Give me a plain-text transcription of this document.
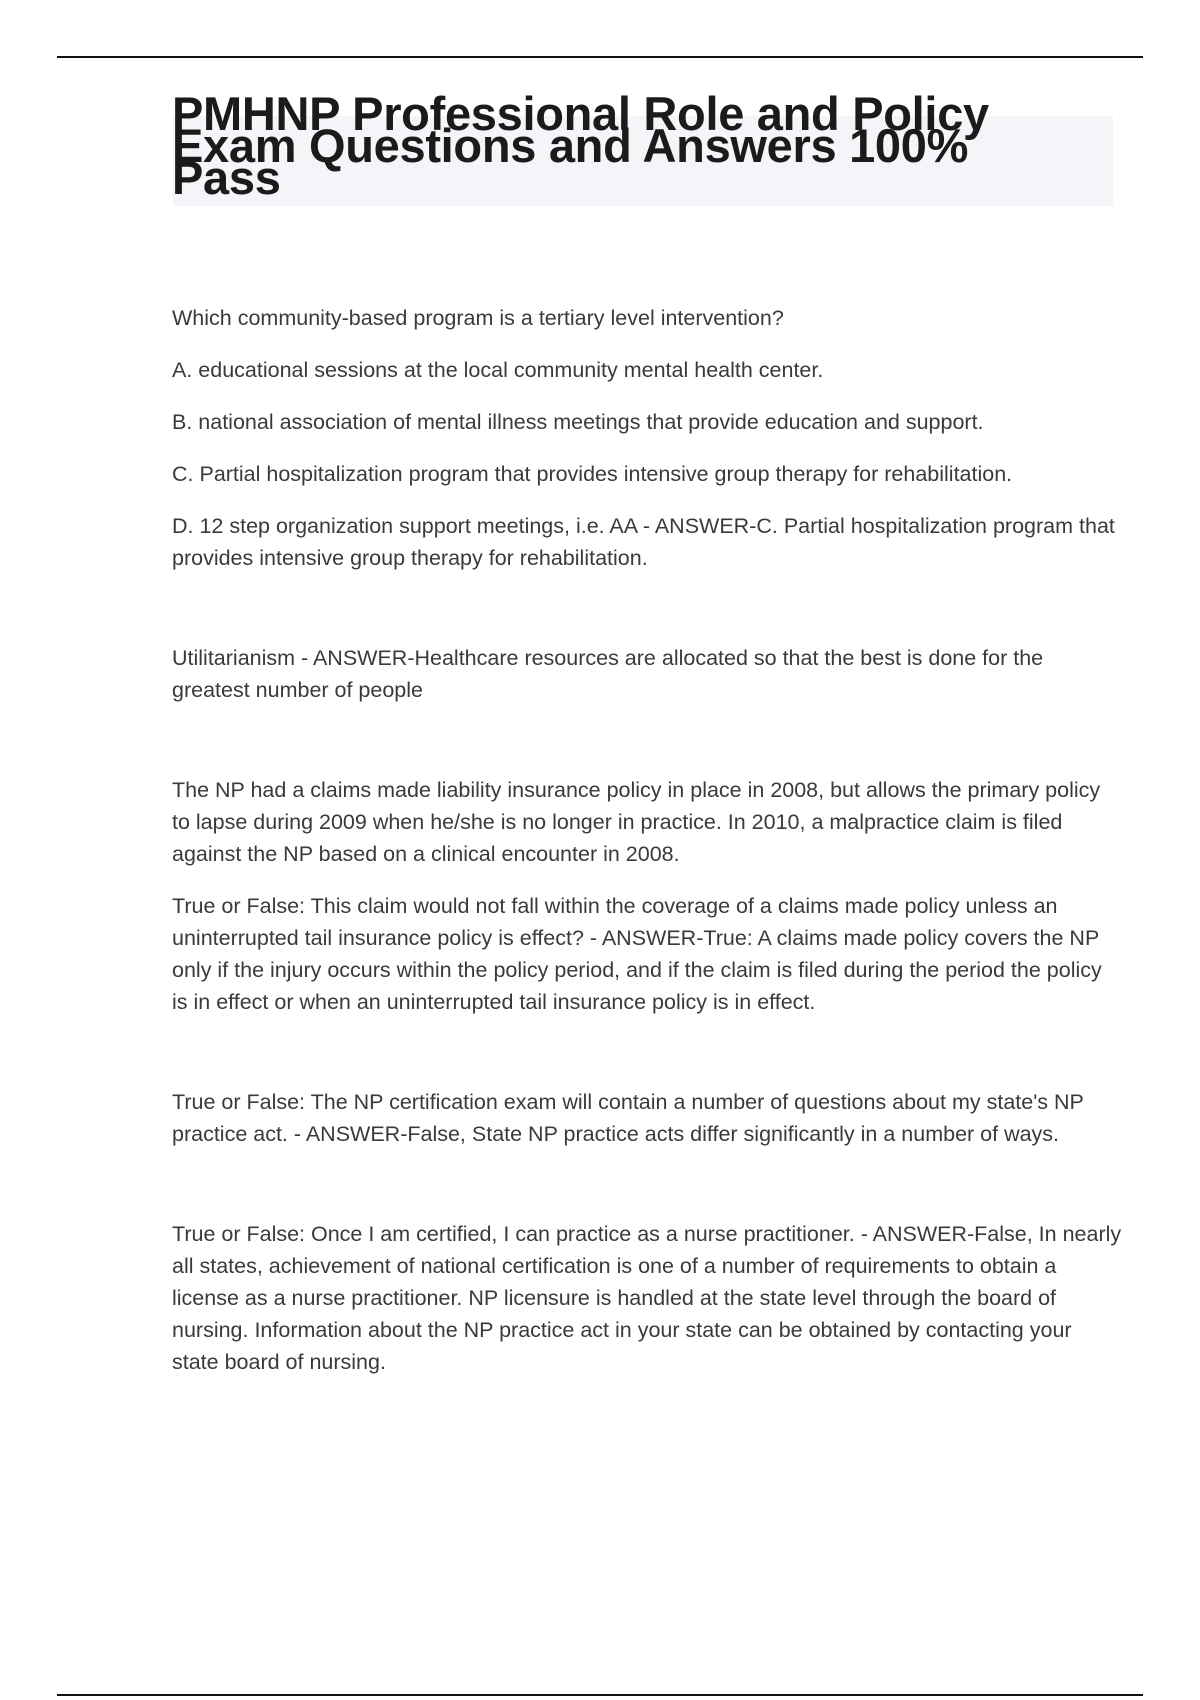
PMHNP Professional Role and Policy Exam Questions and Answers 100% Pass

Which community-based program is a tertiary level intervention?

A. educational sessions at the local community mental health center.

B. national association of mental illness meetings that provide education and support.

C. Partial hospitalization program that provides intensive group therapy for rehabilitation.

D. 12 step organization support meetings, i.e. AA - ANSWER-C. Partial hospitalization program that provides intensive group therapy for rehabilitation.

Utilitarianism - ANSWER-Healthcare resources are allocated so that the best is done for the greatest number of people

The NP had a claims made liability insurance policy in place in 2008, but allows the primary policy to lapse during 2009 when he/she is no longer in practice. In 2010, a malpractice claim is filed against the NP based on a clinical encounter in 2008.

True or False: This claim would not fall within the coverage of a claims made policy unless an uninterrupted tail insurance policy is effect? - ANSWER-True: A claims made policy covers the NP only if the injury occurs within the policy period, and if the claim is filed during the period the policy is in effect or when an uninterrupted tail insurance policy is in effect.

True or False: The NP certification exam will contain a number of questions about my state's NP practice act. - ANSWER-False, State NP practice acts differ significantly in a number of ways.

True or False: Once I am certified, I can practice as a nurse practitioner. - ANSWER-False, In nearly all states, achievement of national certification is one of a number of requirements to obtain a license as a nurse practitioner. NP licensure is handled at the state level through the board of nursing. Information about the NP practice act in your state can be obtained by contacting your state board of nursing.
